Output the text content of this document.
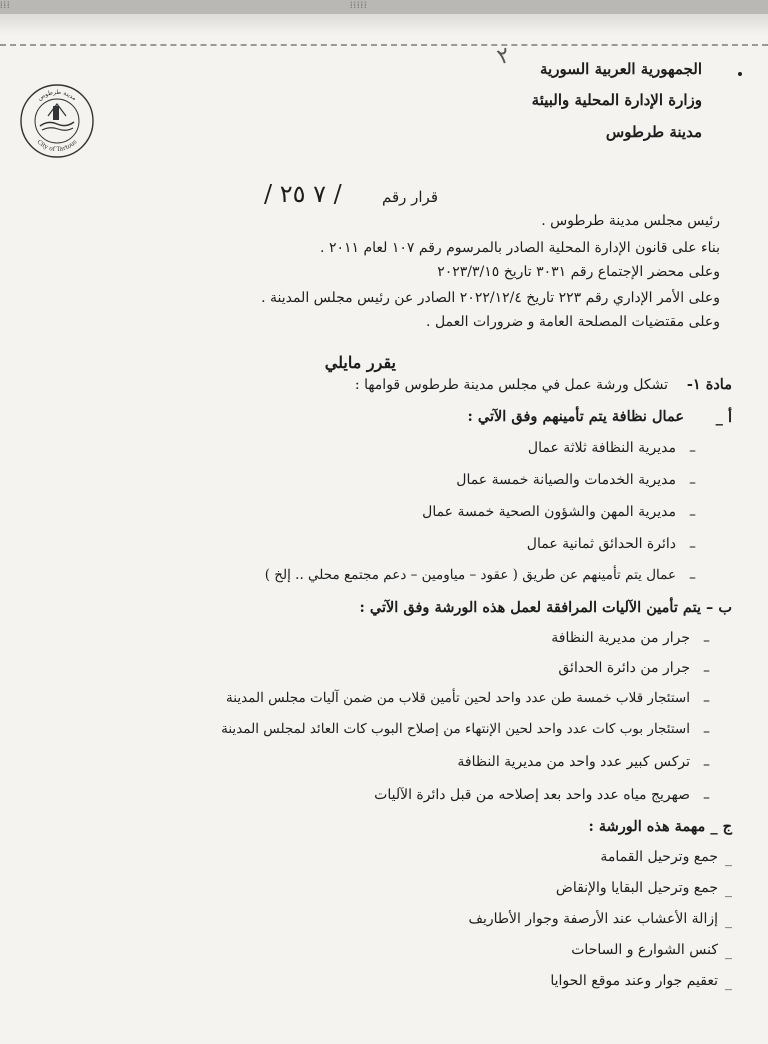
⁞⁞⁞⁞⁞
⁞⁞⁞
٢ الجمهورية العربية السورية
وزارة الإدارة المحلية والبيئة
مدينة طرطوس
مدينة طرطوس
City of Tartous
قرار رقم
/ ٧ ٢٥ /
رئيس مجلس مدينة طرطوس .
بناء على قانون الإدارة المحلية الصادر بالمرسوم رقم ١٠٧ لعام ٢٠١١ .
وعلى محضر الإجتماع رقم ٣٠٣١ تاريخ ٢٠٢٣/٣/١٥
وعلى الأمر الإداري رقم ٢٢٣ تاريخ ٢٠٢٢/١٢/٤ الصادر عن رئيس مجلس المدينة .
وعلى مقتضيات المصلحة العامة و ضرورات العمل .
يقرر مايلي
مادة ١-
تشكل ورشة عمل في مجلس مدينة طرطوس قوامها :
أ _
عمال نظافة يتم تأمينهم وفق الآتي :
–
مديرية النظافة ثلاثة عمال
–
مديرية الخدمات والصيانة خمسة عمال
–
مديرية المهن والشؤون الصحية خمسة عمال
–
دائرة الحدائق ثمانية عمال
–
عمال يتم تأمينهم عن طريق ( عقود – مياومين – دعم مجتمع محلي .. إلخ )
ب – يتم تأمين الآليات المرافقة لعمل هذه الورشة وفق الآتي :
–
جرار من مديرية النظافة
–
جرار من دائرة الحدائق
–
استئجار قلاب خمسة طن عدد واحد لحين تأمين قلاب من ضمن آليات مجلس المدينة
–
استئجار بوب كات عدد واحد لحين الإنتهاء من إصلاح البوب كات العائد لمجلس المدينة
–
تركس كبير عدد واحد من مديرية النظافة
–
صهريج مياه عدد واحد بعد إصلاحه من قبل دائرة الآليات
ج _ مهمة هذه الورشة :
_
جمع وترحيل القمامة
_
جمع وترحيل البقايا والإنقاض
_
إزالة الأعشاب عند الأرصفة وجوار الأطاريف
_
كنس الشوارع و الساحات
_
تعقيم جوار وعند موقع الحوايا
